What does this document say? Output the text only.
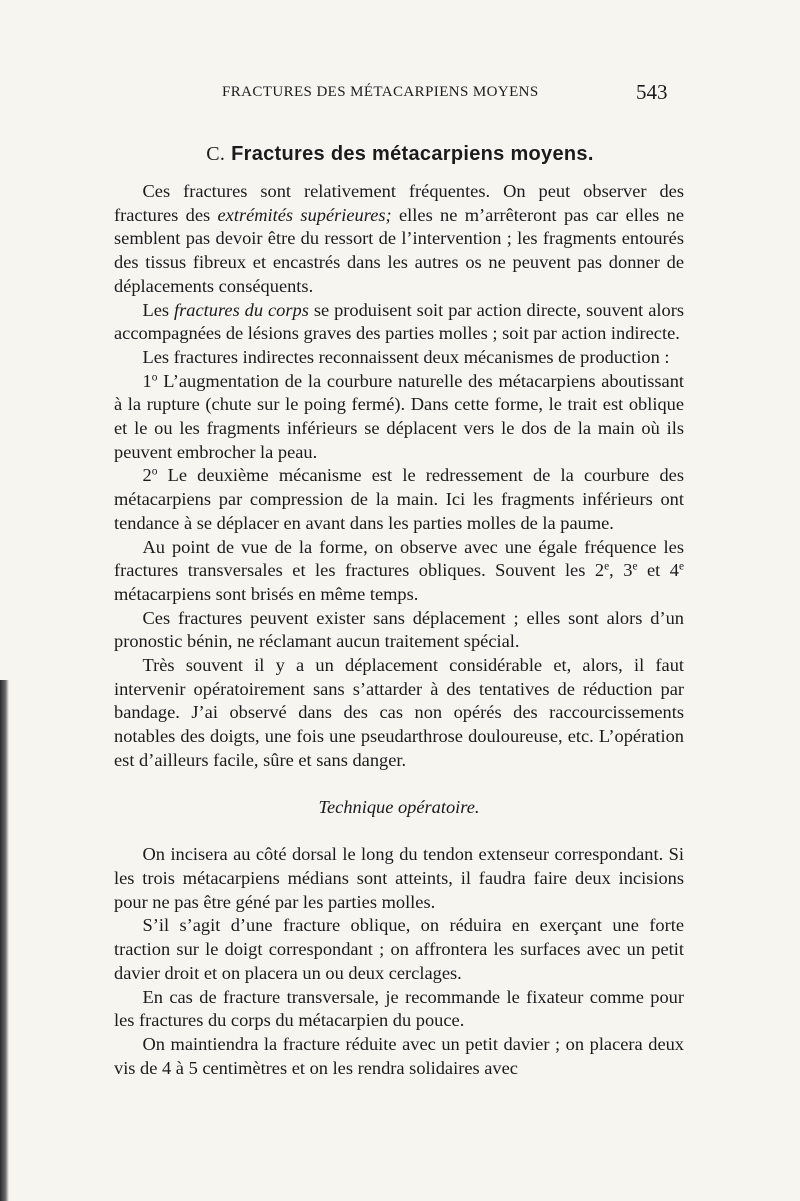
FRACTURES DES MÉTACARPIENS MOYENS	543
C. Fractures des métacarpiens moyens.

Ces fractures sont relativement fréquentes. On peut observer des fractures des extrémités supérieures; elles ne m’arrêteront pas car elles ne semblent pas devoir être du ressort de l’intervention ; les fragments entourés des tissus fibreux et encastrés dans les autres os ne peuvent pas donner de déplacements conséquents.

Les fractures du corps se produisent soit par action directe, souvent alors accompagnées de lésions graves des parties molles ; soit par action indirecte.

Les fractures indirectes reconnaissent deux mécanismes de production :

1$^o$ L’augmentation de la courbure naturelle des métacarpiens aboutissant à la rupture (chute sur le poing fermé). Dans cette forme, le trait est oblique et le ou les fragments inférieurs se déplacent vers le dos de la main où ils peuvent embrocher la peau.

2$^o$ Le deuxième mécanisme est le redressement de la courbure des métacarpiens par compression de la main. Ici les fragments inférieurs ont tendance à se déplacer en avant dans les parties molles de la paume.

Au point de vue de la forme, on observe avec une égale fréquence les fractures transversales et les fractures obliques. Souvent les 2e, 3e et 4e métacarpiens sont brisés en même temps.

Ces fractures peuvent exister sans déplacement ; elles sont alors d’un pronostic bénin, ne réclamant aucun traitement spécial.

Très souvent il y a un déplacement considérable et, alors, il faut intervenir opératoirement sans s’attarder à des tentatives de réduction par bandage. J’ai observé dans des cas non opérés des raccourcissements notables des doigts, une fois une pseudarthrose douloureuse, etc. L’opération est d’ailleurs facile, sûre et sans danger.

Technique opératoire.

On incisera au côté dorsal le long du tendon extenseur correspondant. Si les trois métacarpiens médians sont atteints, il faudra faire deux incisions pour ne pas être géné par les parties molles.

S’il s’agit d’une fracture oblique, on réduira en exerçant une forte traction sur le doigt correspondant ; on affrontera les surfaces avec un petit davier droit et on placera un ou deux cerclages.

En cas de fracture transversale, je recommande le fixateur comme pour les fractures du corps du métacarpien du pouce.

On maintiendra la fracture réduite avec un petit davier ; on placera deux vis de 4 à 5 centimètres et on les rendra solidaires avec
